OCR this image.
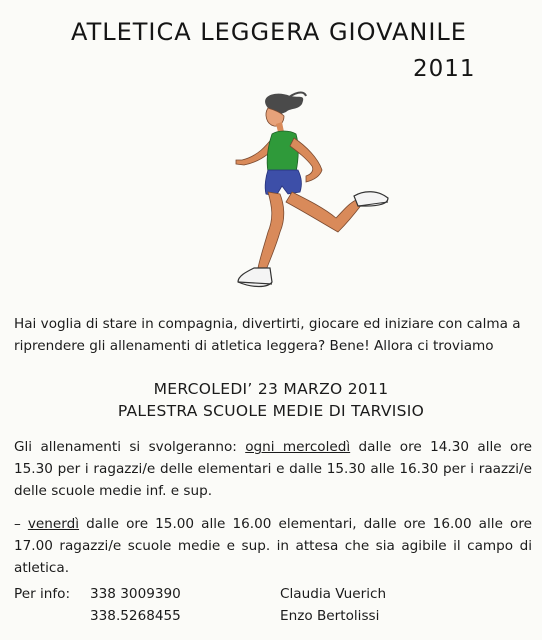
ATLETICA LEGGERA GIOVANILE
2011

Hai voglia di stare in compagnia, divertirti, giocare ed iniziare con calma a riprendere gli allenamenti di atletica leggera? Bene! Allora ci troviamo

MERCOLEDI’ 23 MARZO 2011
PALESTRA SCUOLE MEDIE DI TARVISIO

Gli allenamenti si svolgeranno: ogni mercoledì dalle ore 14.30 alle ore 15.30 per i ragazzi/e delle elementari e dalle 15.30 alle 16.30 per i raazzi/e delle scuole medie inf. e sup.

– venerdì dalle ore 15.00 alle 16.00 elementari, dalle ore 16.00 alle ore 17.00 ragazzi/e scuole medie e sup. in attesa che sia agibile il campo di atletica.

Per info: 338 3009390
338.5268455
Claudia Vuerich
Enzo Bertolissi
